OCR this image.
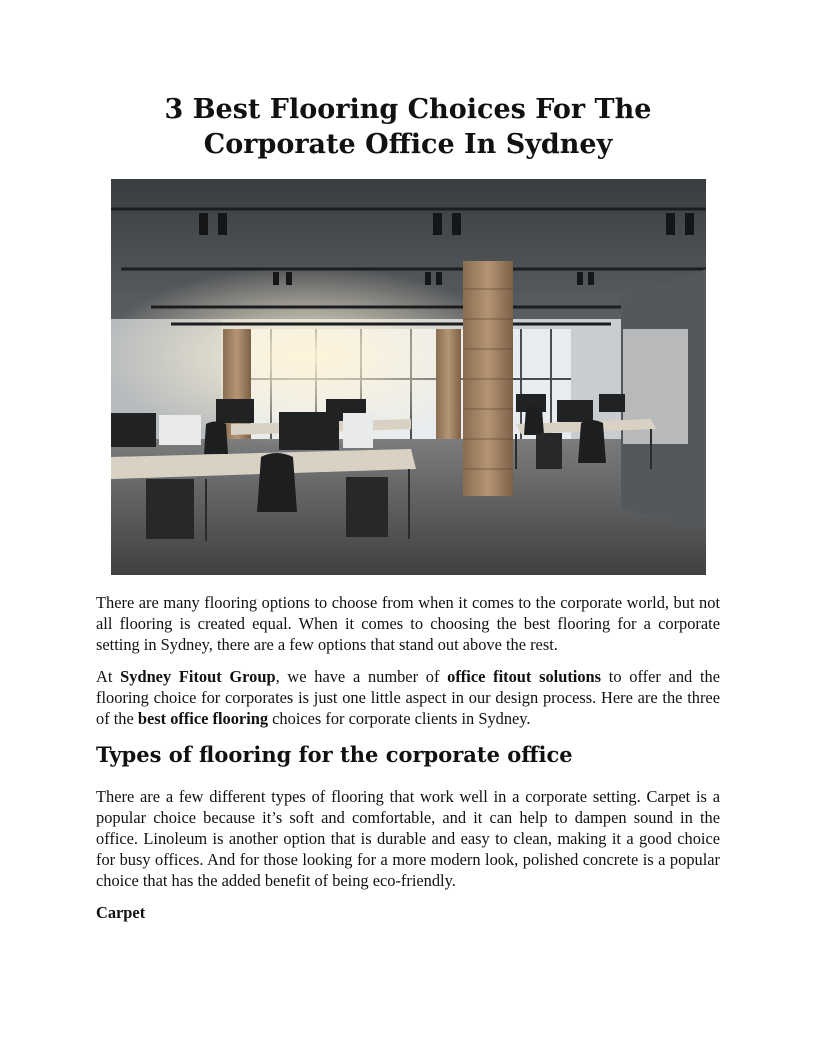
3 Best Flooring Choices For The Corporate Office In Sydney

There are many flooring options to choose from when it comes to the corporate world, but not all flooring is created equal. When it comes to choosing the best flooring for a corporate setting in Sydney, there are a few options that stand out above the rest.

At Sydney Fitout Group, we have a number of office fitout solutions to offer and the flooring choice for corporates is just one little aspect in our design process. Here are the three of the best office flooring choices for corporate clients in Sydney.

Types of flooring for the corporate office

There are a few different types of flooring that work well in a corporate setting. Carpet is a popular choice because it’s soft and comfortable, and it can help to dampen sound in the office. Linoleum is another option that is durable and easy to clean, making it a good choice for busy offices. And for those looking for a more modern look, polished concrete is a popular choice that has the added benefit of being eco-friendly.

Carpet
